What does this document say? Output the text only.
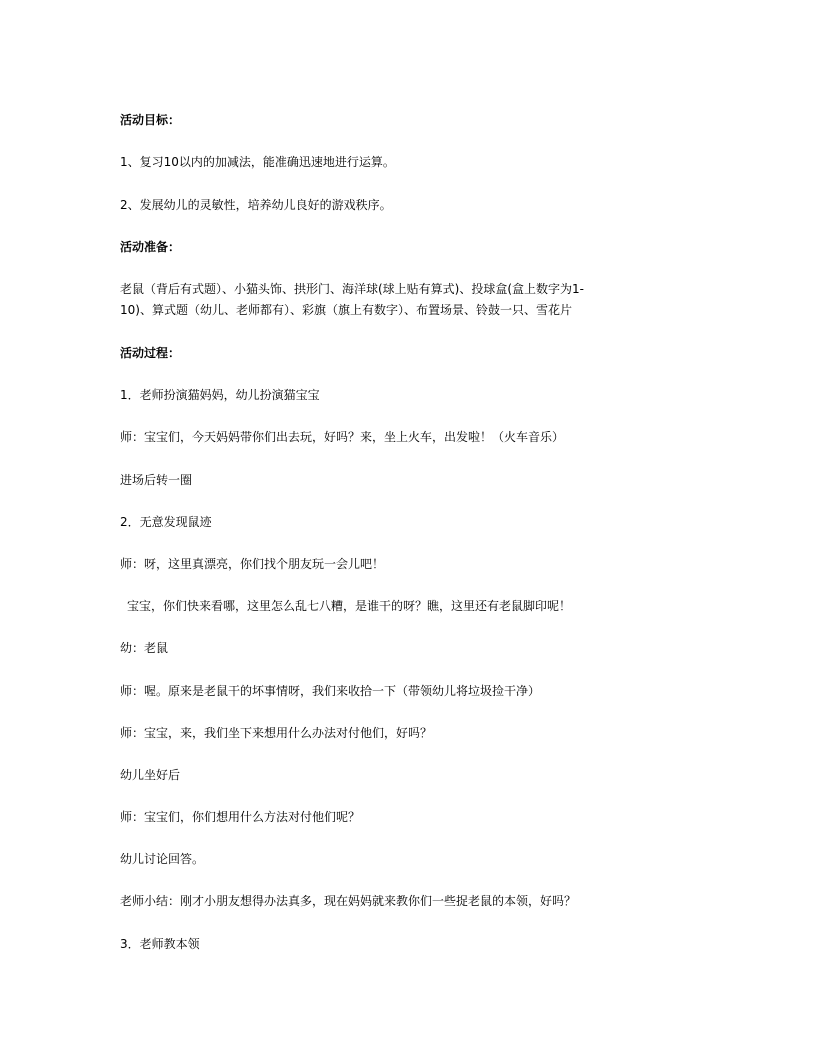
活动目标：
1、复习10以内的加减法，能准确迅速地进行运算。
2、发展幼儿的灵敏性，培养幼儿良好的游戏秩序。
活动准备：
老鼠（背后有式题）、小猫头饰、拱形门、海洋球(球上贴有算式)、投球盒(盒上数字为1-
10)、算式题（幼儿、老师都有）、彩旗（旗上有数字）、布置场景、铃鼓一只、雪花片
活动过程：
1．老师扮演猫妈妈，幼儿扮演猫宝宝
师：宝宝们，今天妈妈带你们出去玩，好吗？来，坐上火车，出发啦！（火车音乐）
进场后转一圈
2．无意发现鼠迹
师：呀，这里真漂亮，你们找个朋友玩一会儿吧！
宝宝，你们快来看哪，这里怎么乱七八糟，是谁干的呀？瞧，这里还有老鼠脚印呢！
幼：老鼠
师：喔。原来是老鼠干的坏事情呀，我们来收拾一下（带领幼儿将垃圾捡干净）
师：宝宝，来，我们坐下来想用什么办法对付他们，好吗？
幼儿坐好后
师：宝宝们，你们想用什么方法对付他们呢？
幼儿讨论回答。
老师小结：刚才小朋友想得办法真多，现在妈妈就来教你们一些捉老鼠的本领，好吗？
3．老师教本领
